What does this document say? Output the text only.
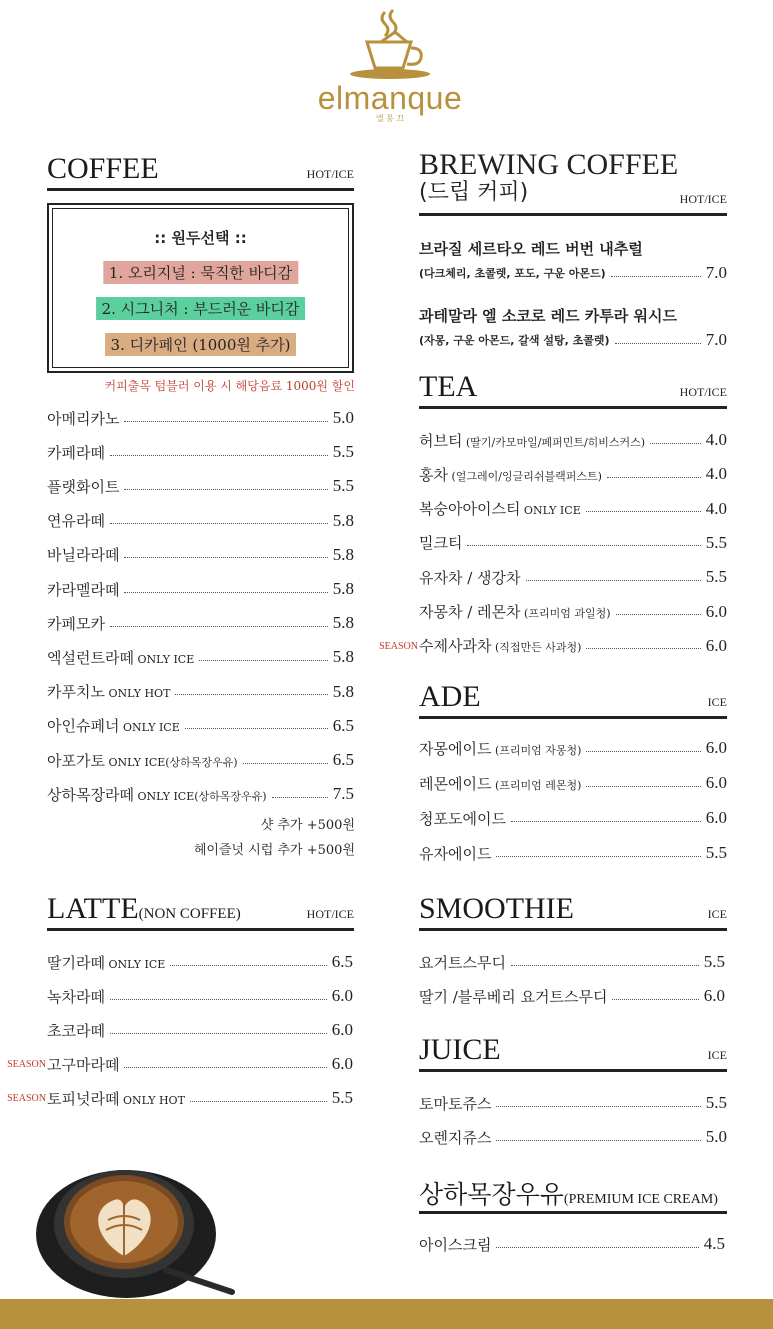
elmanque
엘 몽 끄
COFFEE	HOT/ICE
:: 원두선택 ::
1. 오리지널 : 묵직한 바디감
2. 시그니처 : 부드러운 바디감
3. 디카페인 (1000원 추가)
커피출목 텀블러 이용 시 해당음료 1000원 할인
아메리카노	5.0
카페라떼	5.5
플랫화이트	5.5
연유라떼	5.8
바닐라라떼	5.8
카라멜라떼	5.8
카페모카	5.8
엑설런트라떼 ONLY ICE	5.8
카푸치노 ONLY HOT	5.8
아인슈페너 ONLY ICE	6.5
아포가토 ONLY ICE(상하목장우유)	6.5
상하목장라떼 ONLY ICE(상하목장우유)	7.5
샷 추가 +500원
헤이즐넛 시럽 추가 +500원
LATTE(NON COFFEE)	HOT/ICE
딸기라떼 ONLY ICE	6.5
녹차라떼	6.0
초코라떼	6.0
SEASON 고구마라떼	6.0
SEASON 토피넛라떼 ONLY HOT	5.5
BREWING COFFEE
(드립 커피)	HOT/ICE
브라질 세르타오 레드 버번 내추럴
(다크체리, 초콜렛, 포도, 구운 아몬드)	7.0
과테말라 엘 소코로 레드 카투라 워시드
(자몽, 구운 아몬드, 갈색 설탕, 초콜렛)	7.0
TEA	HOT/ICE
허브티 (딸기/카모마일/페퍼민트/히비스커스)	4.0
홍차 (얼그레이/잉글리쉬블랙퍼스트)	4.0
복숭아아이스티 ONLY ICE	4.0
밀크티	5.5
유자차 / 생강차	5.5
자몽차 / 레몬차 (프리미엄 과일청)	6.0
SEASON 수제사과차 (직접만든 사과청)	6.0
ADE	ICE
자몽에이드 (프리미엄 자몽청)	6.0
레몬에이드 (프리미엄 레몬청)	6.0
청포도에이드	6.0
유자에이드	5.5
SMOOTHIE	ICE
요거트스무디	5.5
딸기 /블루베리 요거트스무디	6.0
JUICE	ICE
토마토쥬스	5.5
오렌지쥬스	5.0
상하목장우유(PREMIUM ICE CREAM)
아이스크림	4.5
